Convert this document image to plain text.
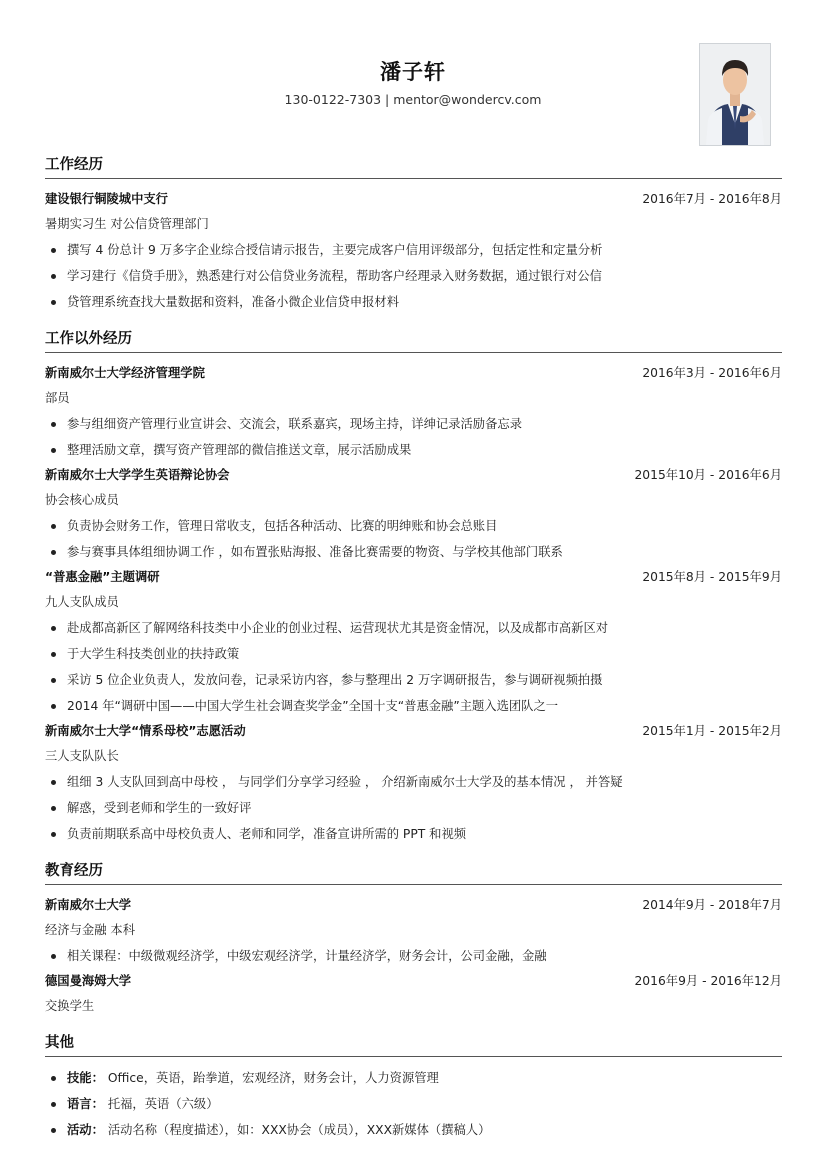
潘子轩
130-0122-7303 | mentor@wondercv.com
工作经历
建设银行铜陵城中支行	2016年7月 - 2016年8月
暑期实习生 对公信贷管理部门
撰写 4 份总计 9 万多字企业综合授信请示报告，主要完成客户信用评级部分，包括定性和定量分析
学习建行《信贷手册》，熟悉建行对公信贷业务流程，帮助客户经理录入财务数据，通过银行对公信
贷管理系统查找大量数据和资料，准备小微企业信贷申报材料
工作以外经历
新南威尔士大学经济管理学院	2016年3月 - 2016年6月
部员
参与组细资产管理行业宣讲会、交流会，联系嘉宾，现场主持，详绅记录活励备忘录
整理活励文章，撰写资产管理部的微信推送文章，展示活励成果
新南威尔士大学学生英语辩论协会	2015年10月 - 2016年6月
协会核心成员
负责协会财务工作，管理日常收支，包括各种活动、比赛的明绅账和协会总账目
参与赛事具体组细协调工作 ，如布置张贴海报、准备比赛需要的物资、与学校其他部门联系
“普惠金融”主题调研	2015年8月 - 2015年9月
九人支队成员
赴成都高新区了解网络科技类中小企业的创业过程、运营现状尤其是资金情况，以及成都市高新区对
于大学生科技类创业的扶持政策
采访 5 位企业负责人，发放问卷，记录采访内容，参与整理出 2 万字调研报告，参与调研视频拍摄
2014 年“调研中国——中国大学生社会调查奖学金”全国十支“普惠金融”主题入选团队之一
新南威尔士大学“情系母校”志愿活动	2015年1月 - 2015年2月
三人支队队长
组细 3 人支队回到高中母校 ， 与同学们分享学习经验 ， 介绍新南威尔士大学及的基本情况 ， 并答疑
解惑，受到老师和学生的一致好评
负责前期联系高中母校负责人、老师和同学，准备宣讲所需的 PPT 和视频
教育经历
新南威尔士大学	2014年9月 - 2018年7月
经济与金融 本科
相关课程：中级微观经济学，中级宏观经济学，计量经济学，财务会计，公司金融，金融
德国曼海姆大学	2016年9月 - 2016年12月
交换学生
其他
技能： Office，英语，跆拳道，宏观经济，财务会计，人力资源管理
语言： 托福，英语（六级）
活动： 活动名称（程度描述），如：XXX协会（成员），XXX新媒体（撰稿人）
